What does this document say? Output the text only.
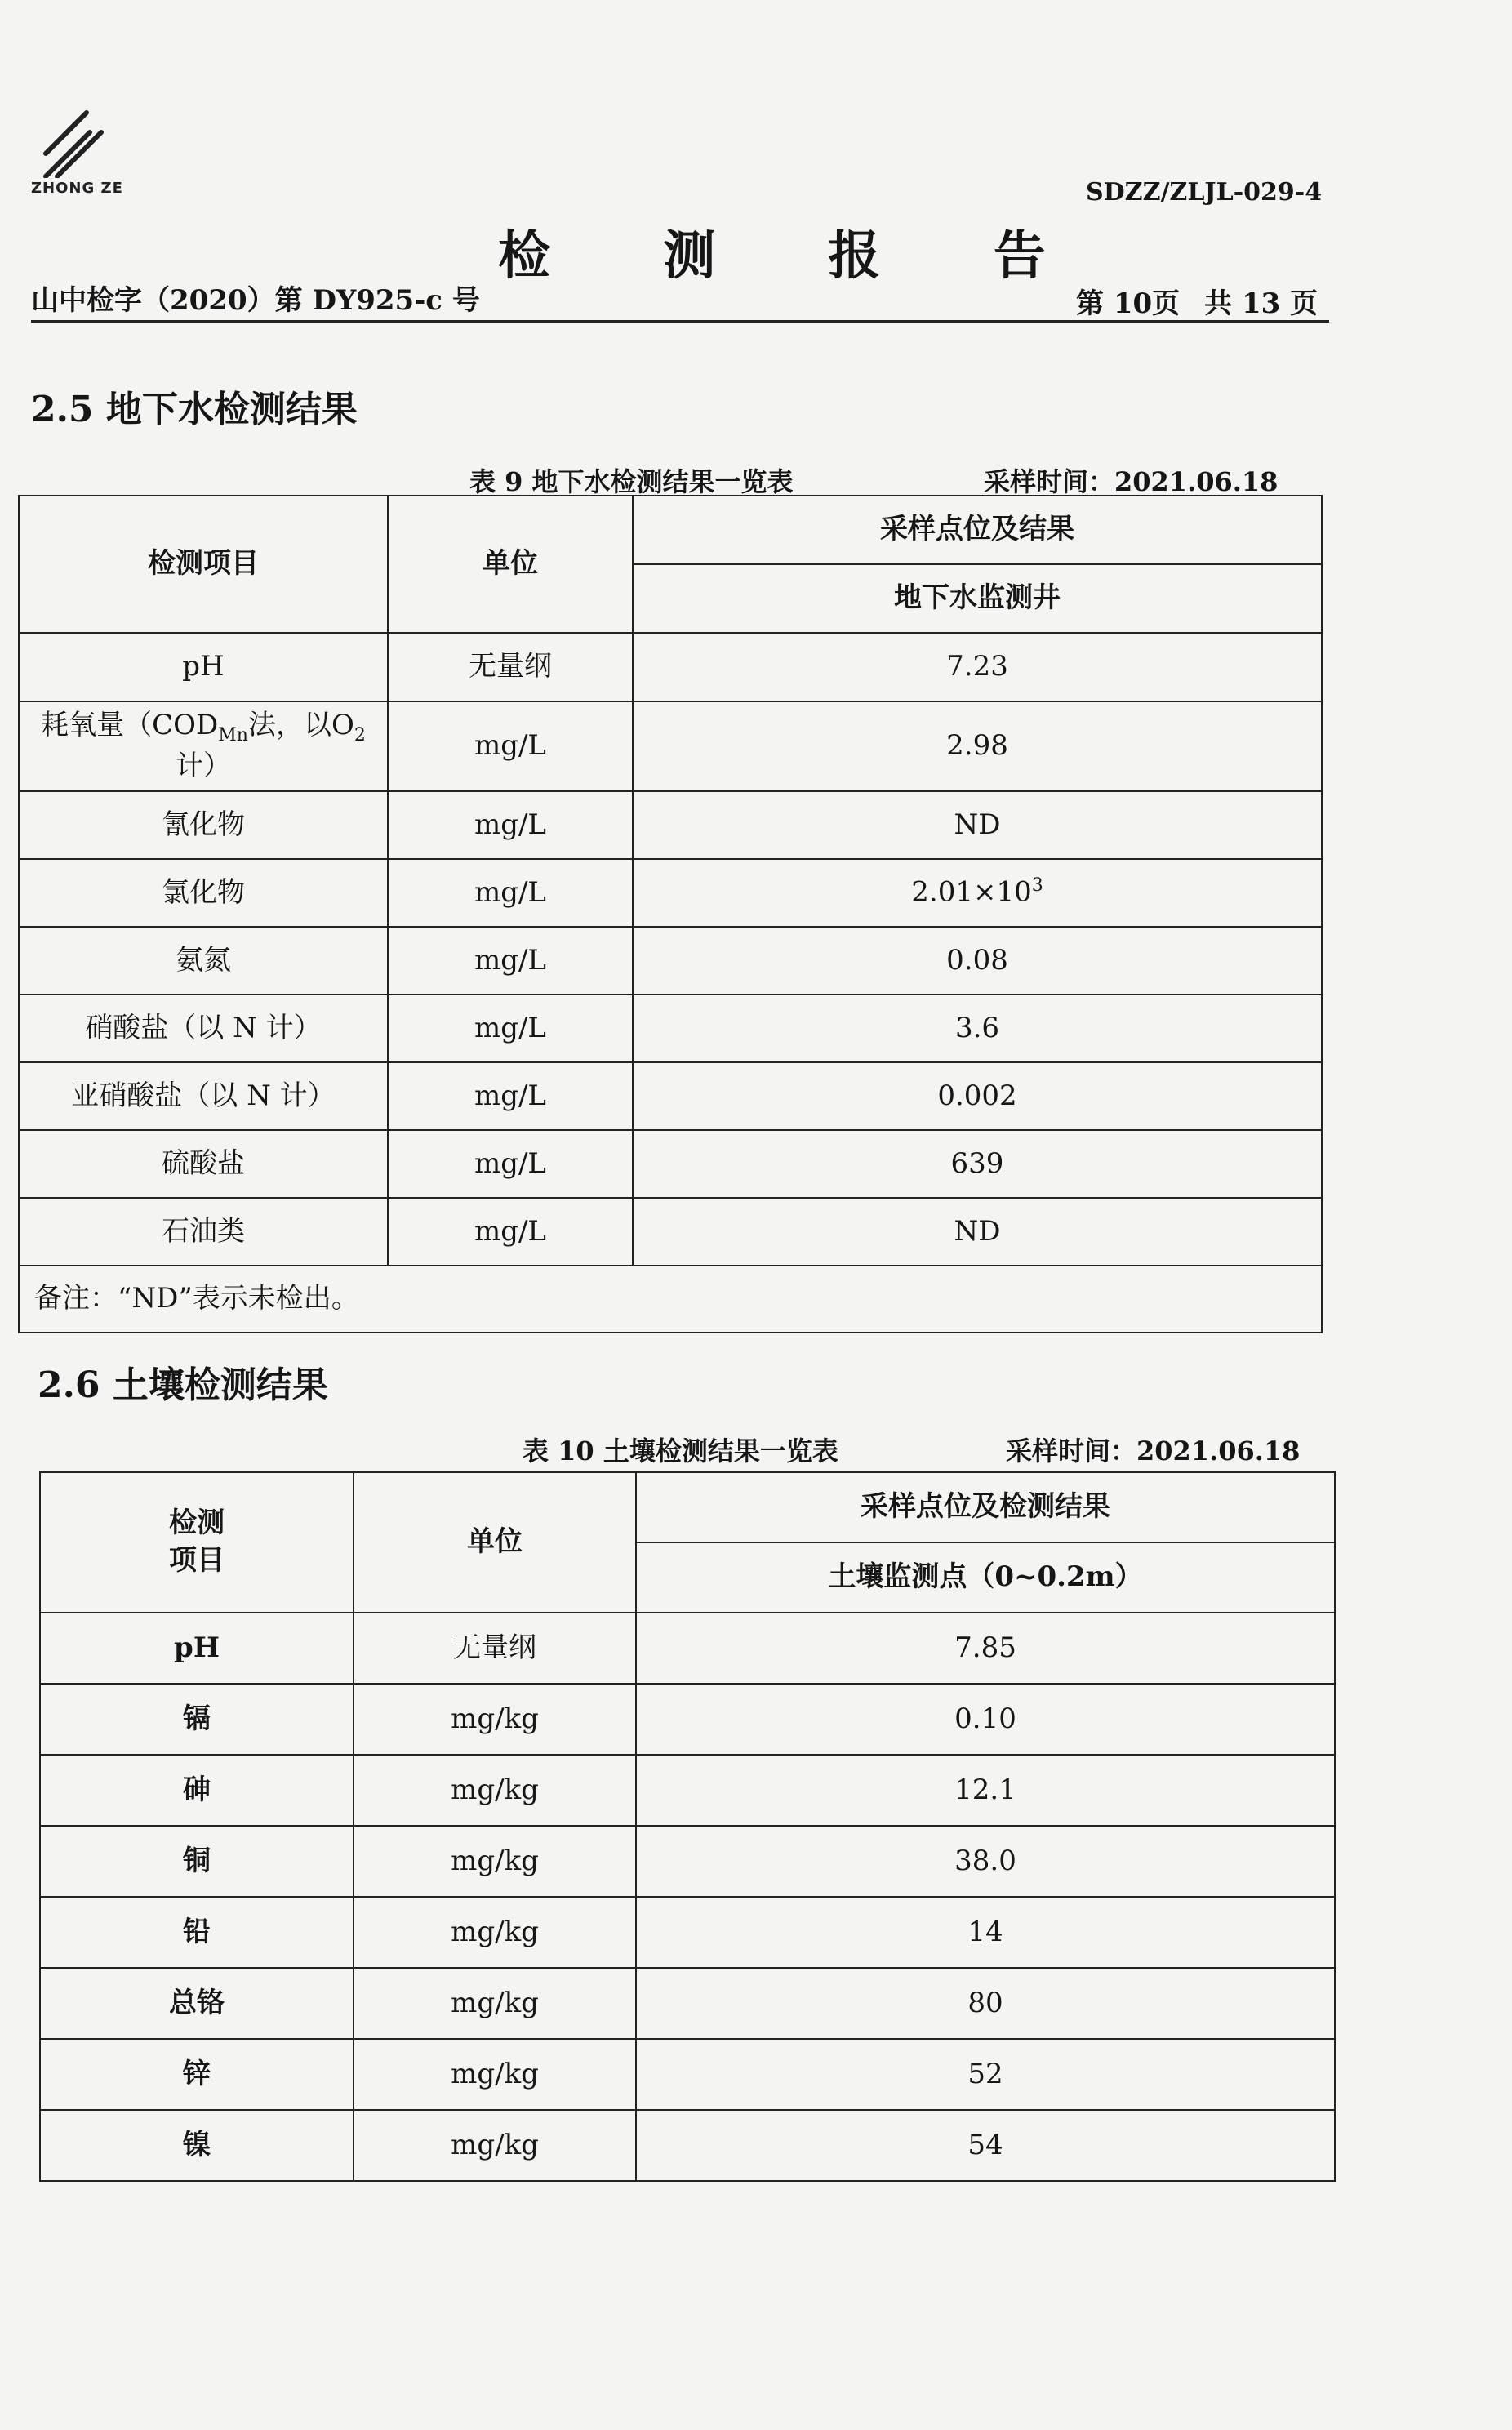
ZHONG ZE	SDZZ/ZLJL-029-4
检 测 报 告
山中检字（2020）第 DY925-c 号	第 10页 共 13 页
2.5 地下水检测结果
表 9 地下水检测结果一览表	采样时间：2021.06.18
检测项目	单位	采样点位及结果
		地下水监测井
pH	无量纲	7.23
耗氧量（$COD_{Mn}$法，以$O_2$
计）	mg/L	2.98
氰化物	mg/L	ND
氯化物	mg/L	$2.01\times 10^3$
氨氮	mg/L	0.08
硝酸盐（以 N 计）	mg/L	3.6
亚硝酸盐（以 N 计）	mg/L	0.002
硫酸盐	mg/L	639
石油类	mg/L	ND
备注：“ND”表示未检出。		
2.6 土壤检测结果
表 10 土壤检测结果一览表	采样时间：2021.06.18
检测
项目	单位	采样点位及检测结果
		土壤监测点（0~0.2m）
pH	无量纲	7.85
镉	mg/kg	0.10
砷	mg/kg	12.1
铜	mg/kg	38.0
铅	mg/kg	14
总铬	mg/kg	80
锌	mg/kg	52
镍	mg/kg	54
